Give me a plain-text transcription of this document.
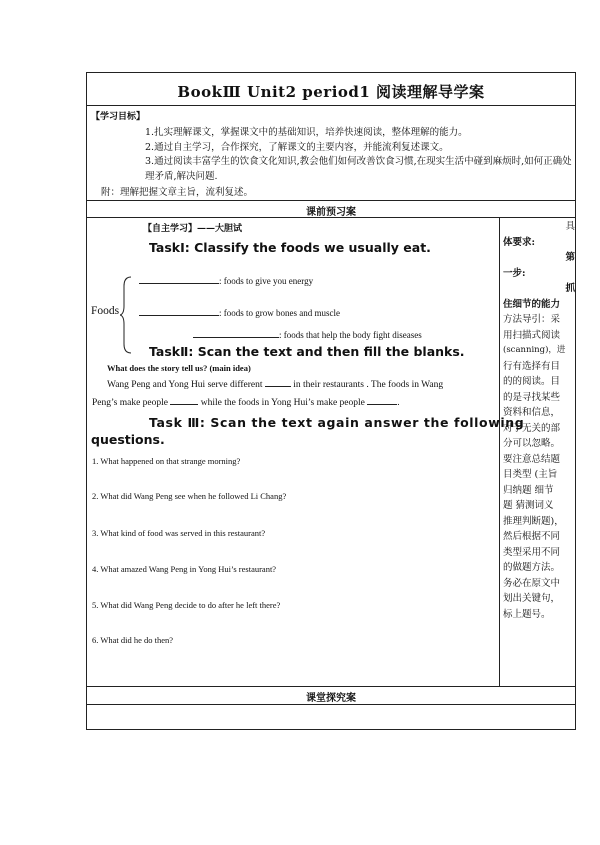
BookⅢ Unit2 period1 阅读理解导学案
【学习目标】
1.扎实理解课文，掌握课文中的基础知识，培养快速阅读，整体理解的能力。
2.通过自主学习，合作探究，了解课文的主要内容，并能流利复述课文。
3.通过阅读丰富学生的饮食文化知识,教会他们如何改善饮食习惯,在现实生活中碰到麻烦时,如何正确处理矛盾,解决问题.
附：理解把握文章主旨，流利复述。
课前预习案
【自主学习】——大胆试
TaskⅠ: Classify the foods we usually eat.
Foods
: foods to give you energy
: foods to grow bones and muscle
: foods that help the body fight diseases
TaskⅡ: Scan the text and then fill the blanks.
What does the story tell us? (main idea)
Wang Peng and Yong Hui serve different	in their restaurants . The foods in Wang
Peng’s make people	while the foods in Yong Hui’s make people	.
Task Ⅲ: Scan the text again answer the following
questions.
1. What happened on that strange morning?
2. What did Wang Peng see when he followed Li Chang?
3. What kind of food was served in this restaurant?
4. What amazed Wang Peng in Yong Hui’s restaurant?
5. What did Wang Peng decide to do after he left there?
6. What did he do then?
具
体要求:
第
一步:
抓
住细节的能力
方法导引：采
用扫描式阅读
(scanning)，进
行有选择有目
的的阅读。目
的是寻找某些
资料和信息，
对于无关的部
分可以忽略。
要注意总结题
目类型 (主旨
归纳题 细节
题 猜测词义
推理判断题)，
然后根据不同
类型采用不同
的做题方法。
务必在原文中
划出关键句，
标上题号。
课堂探究案
